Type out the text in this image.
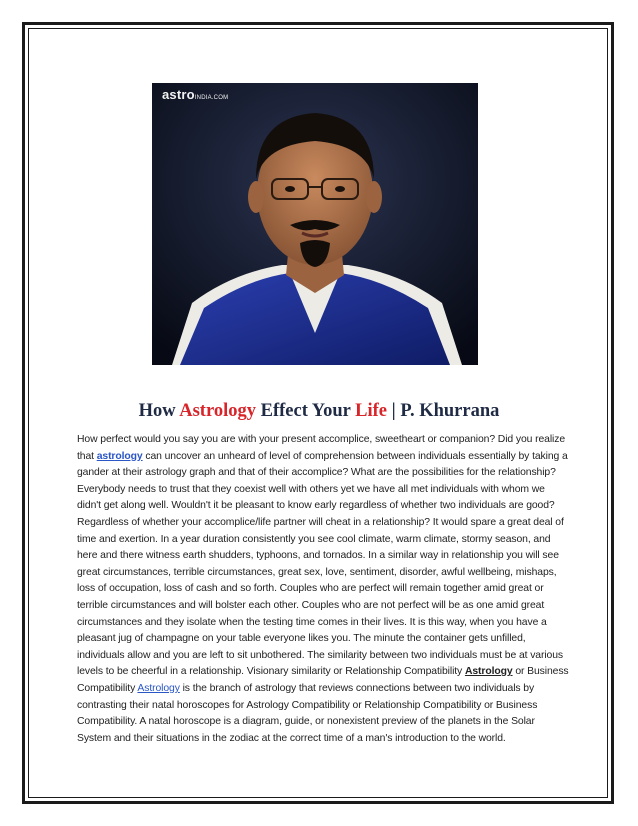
astroINDIA.COM
How Astrology Effect Your Life | P. Khurrana
How perfect would you say you are with your present accomplice, sweetheart or companion? Did you realize that astrology can uncover an unheard of level of comprehension between individuals essentially by taking a gander at their astrology graph and that of their accomplice? What are the possibilities for the relationship? Everybody needs to trust that they coexist well with others yet we have all met individuals with whom we didn't get along well. Wouldn't it be pleasant to know early regardless of whether two individuals are good? Regardless of whether your accomplice/life partner will cheat in a relationship? It would spare a great deal of time and exertion. In a year duration consistently you see cool climate, warm climate, stormy season, and here and there witness earth shudders, typhoons, and tornados. In a similar way in relationship you will see great circumstances, terrible circumstances, great sex, love, sentiment, disorder, awful wellbeing, mishaps, loss of occupation, loss of cash and so forth. Couples who are perfect will remain together amid great or terrible circumstances and will bolster each other. Couples who are not perfect will be as one amid great circumstances and they isolate when the testing time comes in their lives. It is this way, when you have a pleasant jug of champagne on your table everyone likes you. The minute the container gets unfilled, individuals allow and you are left to sit unbothered. The similarity between two individuals must be at various levels to be cheerful in a relationship. Visionary similarity or Relationship Compatibility Astrology or Business Compatibility Astrology is the branch of astrology that reviews connections between two individuals by contrasting their natal horoscopes for Astrology Compatibility or Relationship Compatibility or Business Compatibility. A natal horoscope is a diagram, guide, or nonexistent preview of the planets in the Solar System and their situations in the zodiac at the correct time of a man's introduction to the world.
